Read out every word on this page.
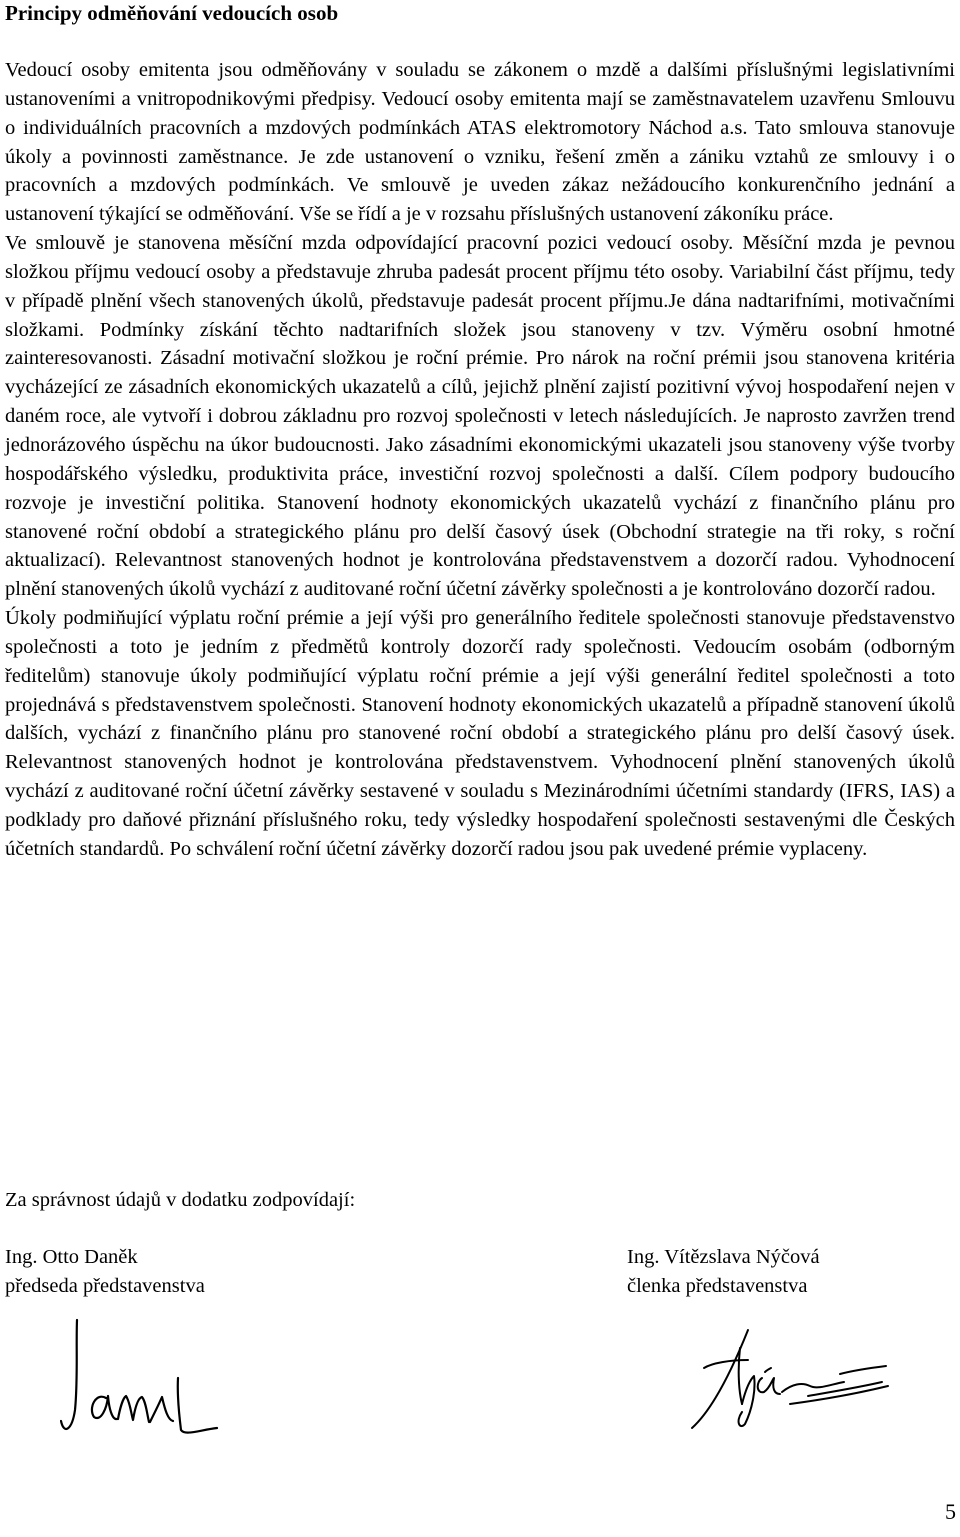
Principy odměňování vedoucích osob

Vedoucí osoby emitenta jsou odměňovány v souladu se zákonem o mzdě a dalšími příslušnými legislativními ustanoveními a vnitropodnikovými předpisy. Vedoucí osoby emitenta mají se zaměstnavatelem uzavřenu Smlouvu o individuálních pracovních a mzdových podmínkách ATAS elektromotory Náchod a.s. Tato smlouva stanovuje úkoly a povinnosti zaměstnance. Je zde ustanovení o vzniku, řešení změn a zániku vztahů ze smlouvy i o pracovních a mzdových podmínkách. Ve smlouvě je uveden zákaz nežádoucího konkurenčního jednání a ustanovení týkající se odměňování. Vše se řídí a je v rozsahu příslušných ustanovení zákoníku práce.

Ve smlouvě je stanovena měsíční mzda odpovídající pracovní pozici vedoucí osoby. Měsíční mzda je pevnou složkou příjmu vedoucí osoby a představuje zhruba padesát procent příjmu této osoby. Variabilní část příjmu, tedy v případě plnění všech stanovených úkolů, představuje padesát procent příjmu.Je dána nadtarifními, motivačními složkami. Podmínky získání těchto nadtarifních složek jsou stanoveny v tzv. Výměru osobní hmotné zainteresovanosti. Zásadní motivační složkou je roční prémie. Pro nárok na roční prémii jsou stanovena kritéria vycházející ze zásadních ekonomických ukazatelů a cílů, jejichž plnění zajistí pozitivní vývoj hospodaření nejen v daném roce, ale vytvoří i dobrou základnu pro rozvoj společnosti v letech následujících. Je naprosto zavržen trend jednorázového úspěchu na úkor budoucnosti. Jako zásadními ekonomickými ukazateli jsou stanoveny výše tvorby hospodářského výsledku, produktivita práce, investiční rozvoj společnosti a další. Cílem podpory budoucího rozvoje je investiční politika. Stanovení hodnoty ekonomických ukazatelů vychází z finančního plánu pro stanovené roční období a strategického plánu pro delší časový úsek (Obchodní strategie na tři roky, s roční aktualizací). Relevantnost stanovených hodnot je kontrolována představenstvem a dozorčí radou. Vyhodnocení plnění stanovených úkolů vychází z auditované roční účetní závěrky společnosti a je kontrolováno dozorčí radou.

Úkoly podmiňující výplatu roční prémie a její výši pro generálního ředitele společnosti stanovuje představenstvo společnosti a toto je jedním z předmětů kontroly dozorčí rady společnosti. Vedoucím osobám (odborným ředitelům) stanovuje úkoly podmiňující výplatu roční prémie a její výši generální ředitel společnosti a toto projednává s představenstvem společnosti. Stanovení hodnoty ekonomických ukazatelů a případně stanovení úkolů dalších, vychází z finančního plánu pro stanovené roční období a strategického plánu pro delší časový úsek. Relevantnost stanovených hodnot je kontrolována představenstvem. Vyhodnocení plnění stanovených úkolů vychází z auditované roční účetní závěrky sestavené v souladu s Mezinárodními účetními standardy (IFRS, IAS) a podklady pro daňové přiznání příslušného roku, tedy výsledky hospodaření společnosti sestavenými dle Českých účetních standardů. Po schválení roční účetní závěrky dozorčí radou jsou pak uvedené prémie vyplaceny.

Za správnost údajů v dodatku zodpovídají:

Ing. Otto Daněk
předseda představenstva
Ing. Vítězslava Nýčová
členka představenstva
5
